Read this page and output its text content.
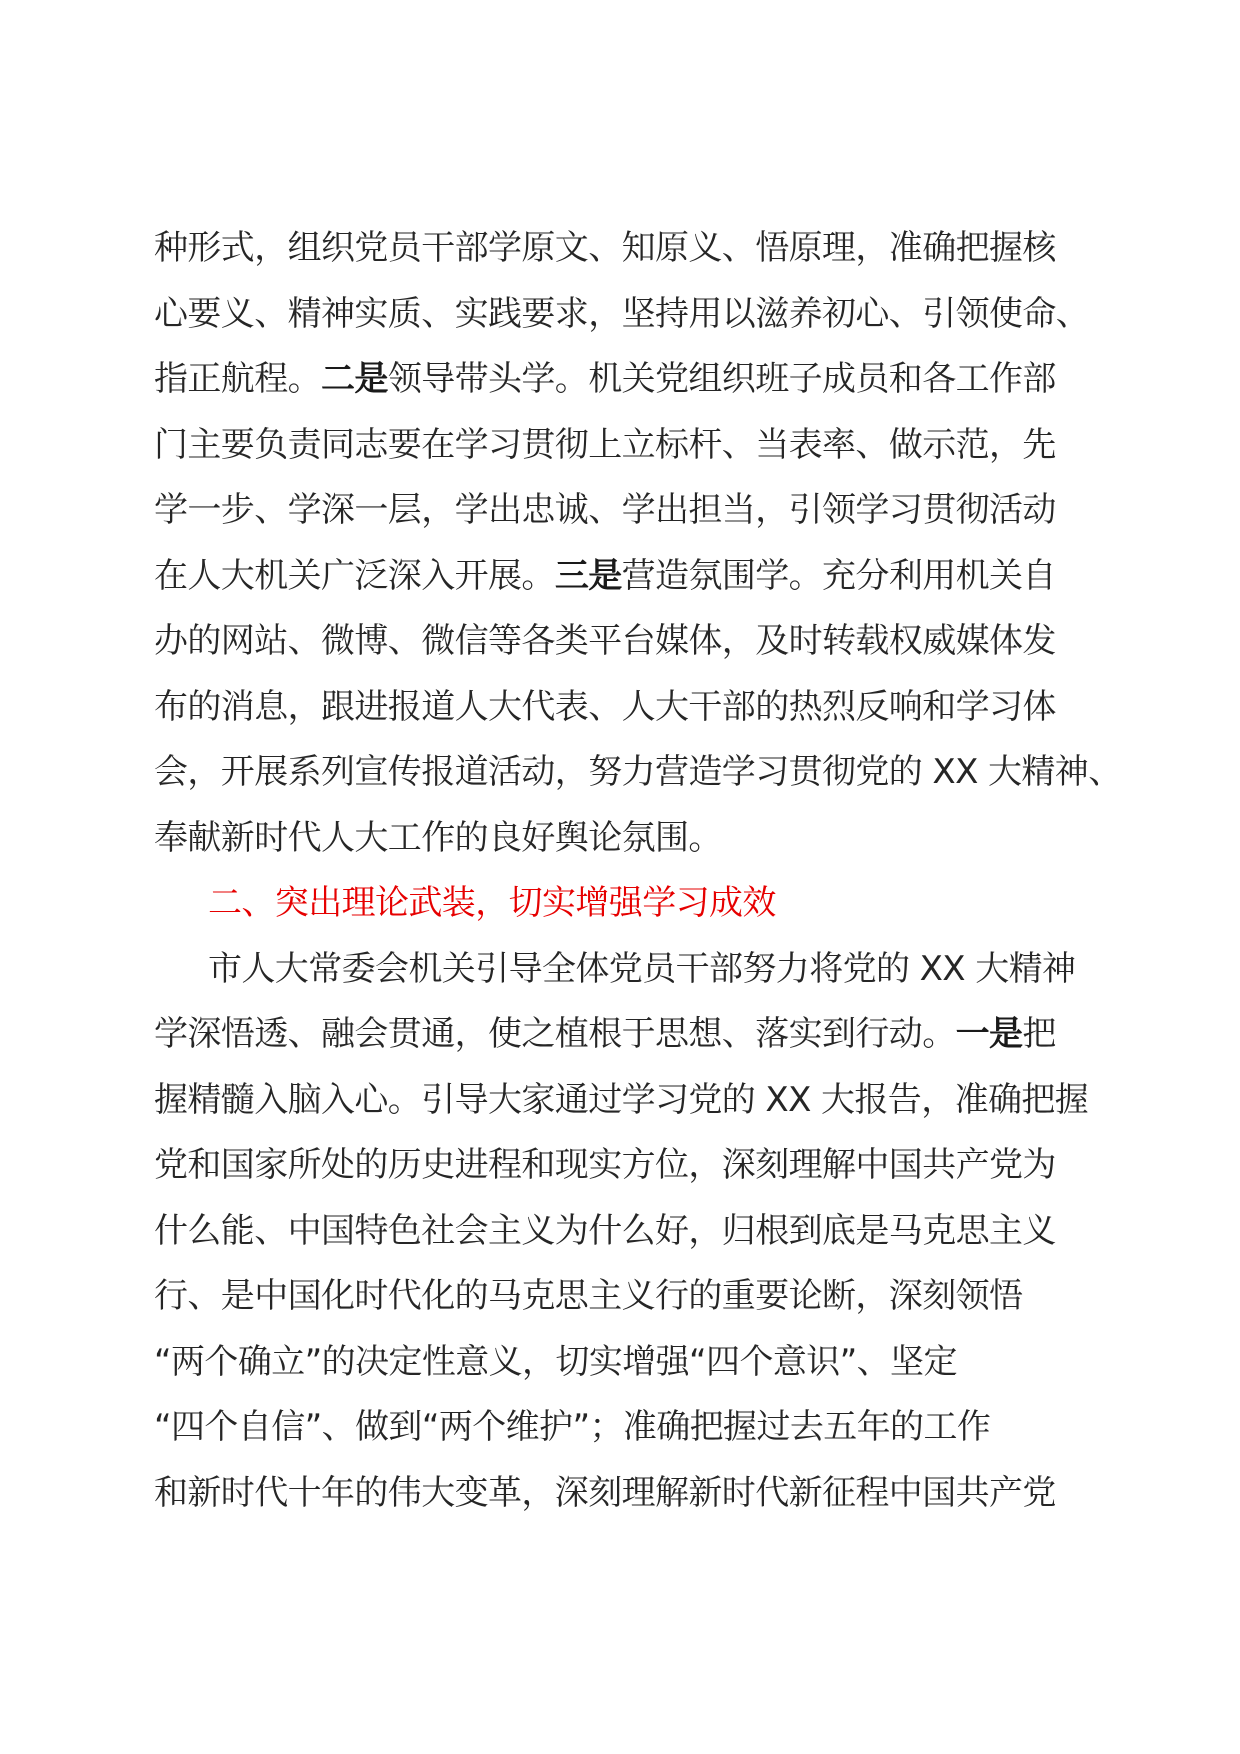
种形式，组织党员干部学原文、知原义、悟原理，准确把握核
心要义、精神实质、实践要求，坚持用以滋养初心、引领使命、
指正航程。二是领导带头学。机关党组织班子成员和各工作部
门主要负责同志要在学习贯彻上立标杆、当表率、做示范，先
学一步、学深一层，学出忠诚、学出担当，引领学习贯彻活动
在人大机关广泛深入开展。三是营造氛围学。充分利用机关自
办的网站、微博、微信等各类平台媒体，及时转载权威媒体发
布的消息，跟进报道人大代表、人大干部的热烈反响和学习体
会，开展系列宣传报道活动，努力营造学习贯彻党的 XX 大精神、
奉献新时代人大工作的良好舆论氛围。
二、突出理论武装，切实增强学习成效
市人大常委会机关引导全体党员干部努力将党的 XX 大精神
学深悟透、融会贯通，使之植根于思想、落实到行动。一是把
握精髓入脑入心。引导大家通过学习党的 XX 大报告，准确把握
党和国家所处的历史进程和现实方位，深刻理解中国共产党为
什么能、中国特色社会主义为什么好，归根到底是马克思主义
行、是中国化时代化的马克思主义行的重要论断，深刻领悟
“两个确立”的决定性意义，切实增强“四个意识”、坚定
“四个自信”、做到“两个维护”；准确把握过去五年的工作
和新时代十年的伟大变革，深刻理解新时代新征程中国共产党
